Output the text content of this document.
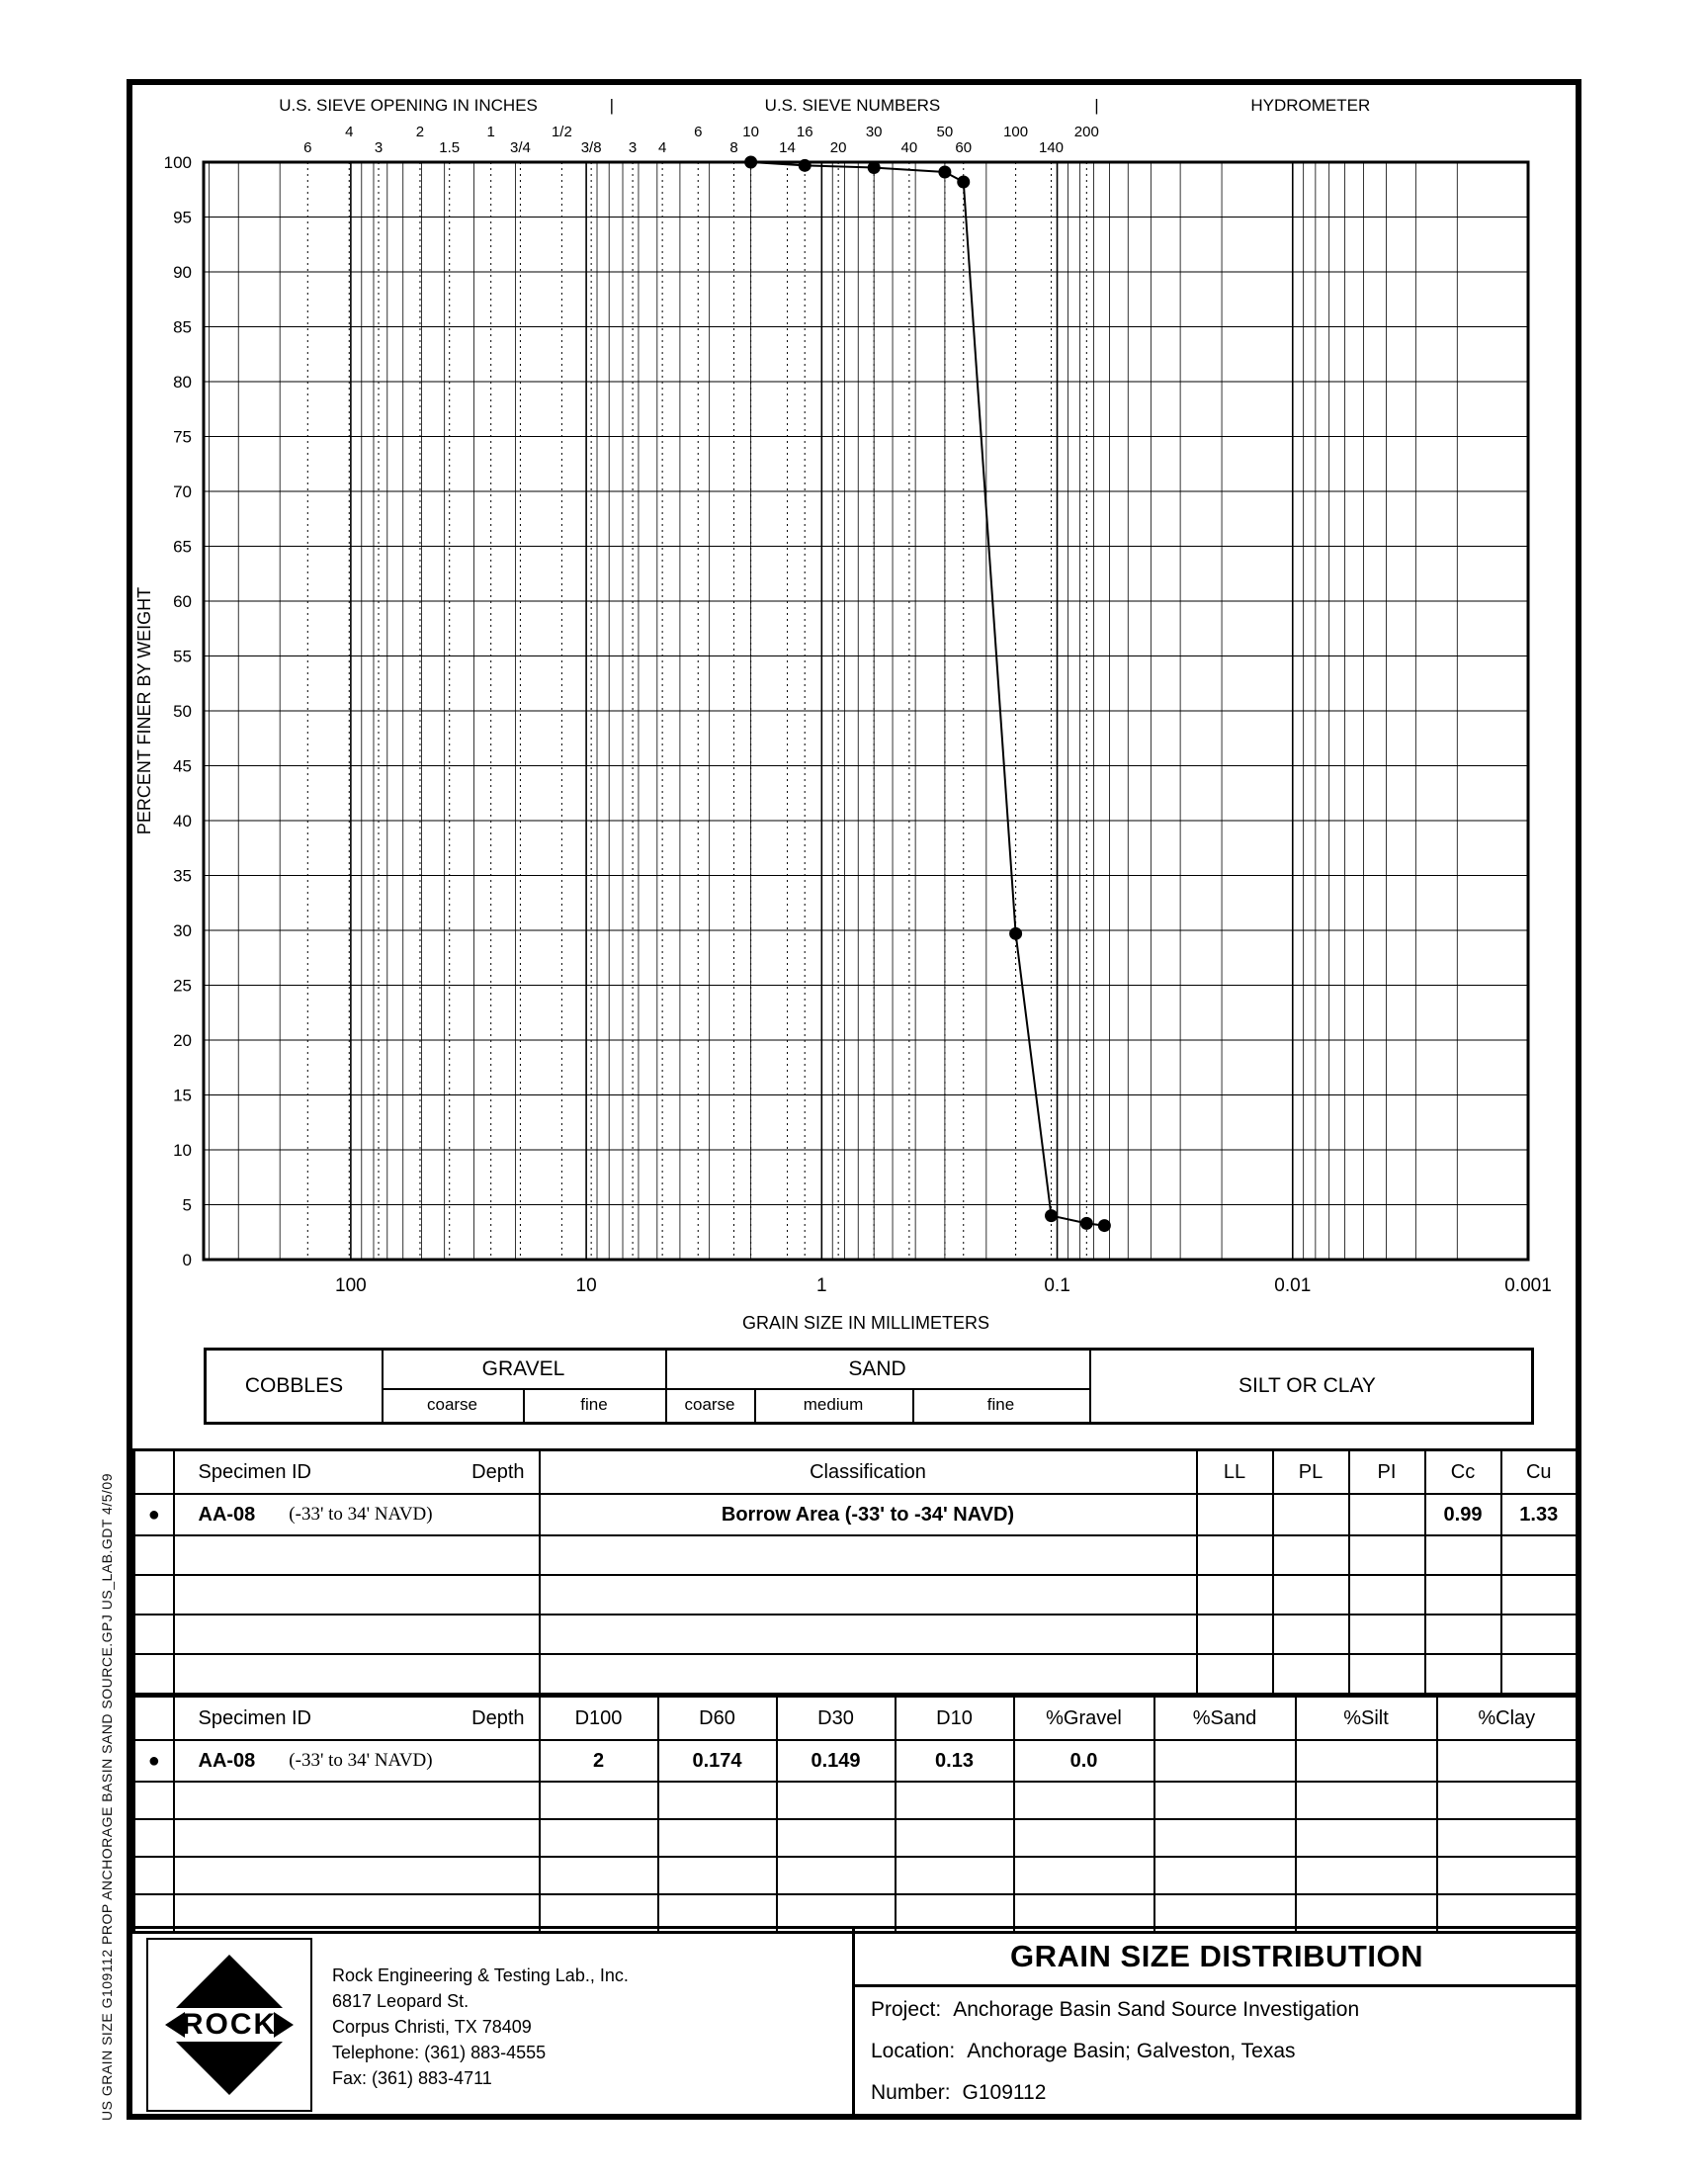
US GRAIN SIZE G109112 PROP ANCHORAGE BASIN SAND SOURCE.GPJ US_LAB.GDT 4/5/09
0
5
10
15
20
25
30
35
40
45
50
55
60
65
70
75
80
85
90
95
100
100	10	1	0.1	0.01	0.001
6
4
3
2
1.5
1
3/4
1/2
3/8 3 4
6
8
10
14
16
20
30
40
50
60
100
140
200
U.S. SIEVE OPENING IN INCHES	U.S. SIEVE NUMBERS	HYDROMETER
|	|
GRAIN SIZE IN MILLIMETERS
PERCENT FINER BY WEIGHT
COBBLES
GRAVEL
coarse	fine
SAND
coarse	medium	fine
SILT OR CLAY

	Specimen ID Depth	Classification	LL	PL	PI	Cc	Cu
●	AA-08 (-33' to 34' NAVD)	Borrow Area (-33' to -34' NAVD)				0.99	1.33

	Specimen ID Depth	D100	D60	D30	D10	%Gravel	%Sand	%Silt	%Clay
●	AA-08 (-33' to 34' NAVD)	2	0.174	0.149	0.13	0.0			

ROCK
Rock Engineering & Testing Lab., Inc.
6817 Leopard St.
Corpus Christi, TX 78409
Telephone: (361) 883-4555
Fax: (361) 883-4711
GRAIN SIZE DISTRIBUTION
Project: Anchorage Basin Sand Source Investigation
Location: Anchorage Basin; Galveston, Texas
Number: G109112
